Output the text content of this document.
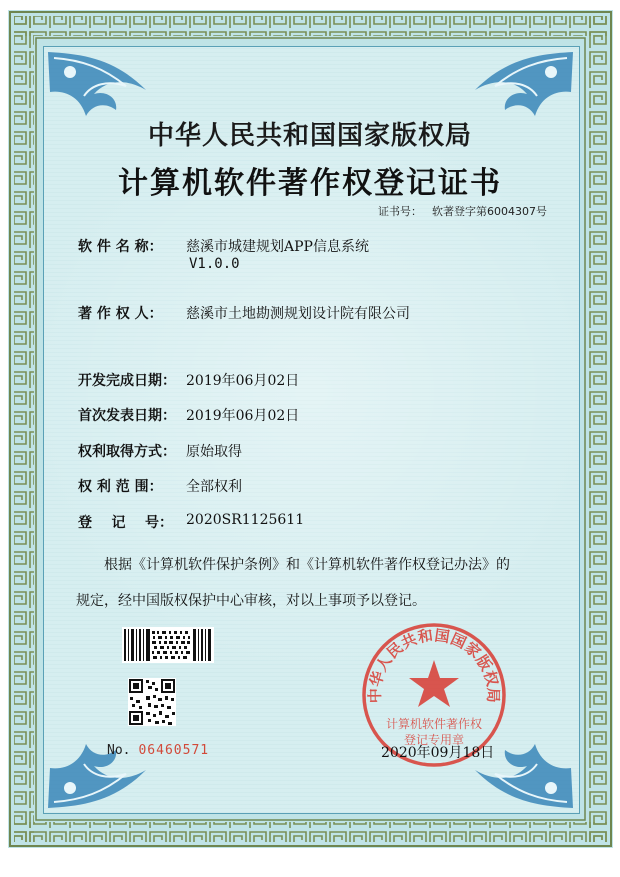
中华人民共和国国家版权局
计算机软件著作权登记证书
证书号： 软著登字第6004307号
软 件 名 称： 慈溪市城建规划APP信息系统
V1.0.0
著 作 权 人： 慈溪市土地勘测规划设计院有限公司
开发完成日期： 2019年06月02日
首次发表日期： 2019年06月02日
权利取得方式： 原始取得
权 利 范 围： 全部权利
登    记    号： 2020SR1125611
根据《计算机软件保护条例》和《计算机软件著作权登记办法》的
规定，经中国版权保护中心审核，对以上事项予以登记。
No. 06460571
中华人民共和国国家版权局
计算机软件著作权
登记专用章
2020年09月18日
